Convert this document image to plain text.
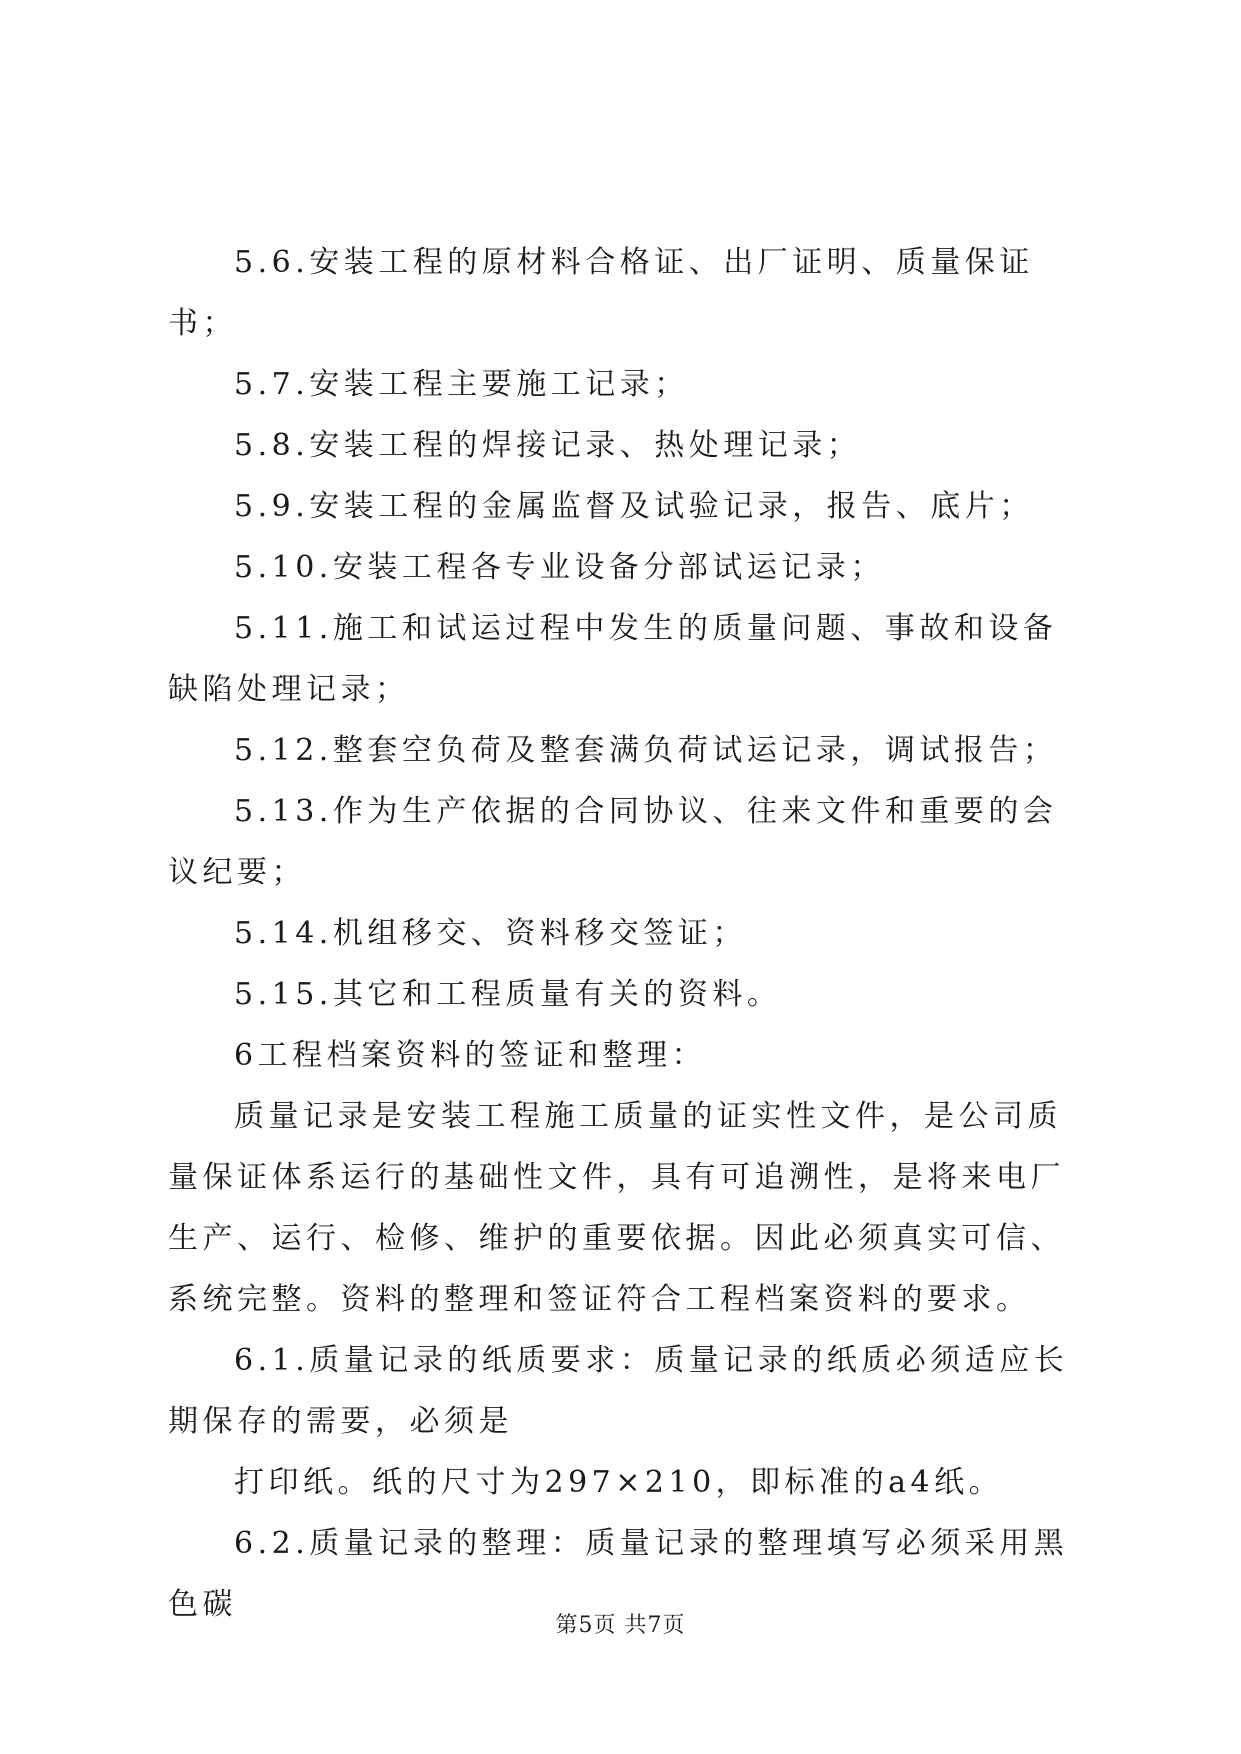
5.6.安装工程的原材料合格证、出厂证明、质量保证书；

5.7.安装工程主要施工记录；

5.8.安装工程的焊接记录、热处理记录；

5.9.安装工程的金属监督及试验记录，报告、底片；

5.10.安装工程各专业设备分部试运记录；

5.11.施工和试运过程中发生的质量问题、事故和设备缺陷处理记录；

5.12.整套空负荷及整套满负荷试运记录，调试报告；

5.13.作为生产依据的合同协议、往来文件和重要的会议纪要；

5.14.机组移交、资料移交签证；

5.15.其它和工程质量有关的资料。

6工程档案资料的签证和整理：

质量记录是安装工程施工质量的证实性文件，是公司质量保证体系运行的基础性文件，具有可追溯性，是将来电厂生产、运行、检修、维护的重要依据。因此必须真实可信、系统完整。资料的整理和签证符合工程档案资料的要求。

6.1.质量记录的纸质要求：质量记录的纸质必须适应长期保存的需要，必须是

打印纸。纸的尺寸为297×210，即标准的a4纸。

6.2.质量记录的整理：质量记录的整理填写必须采用黑色碳

第5页 共7页
